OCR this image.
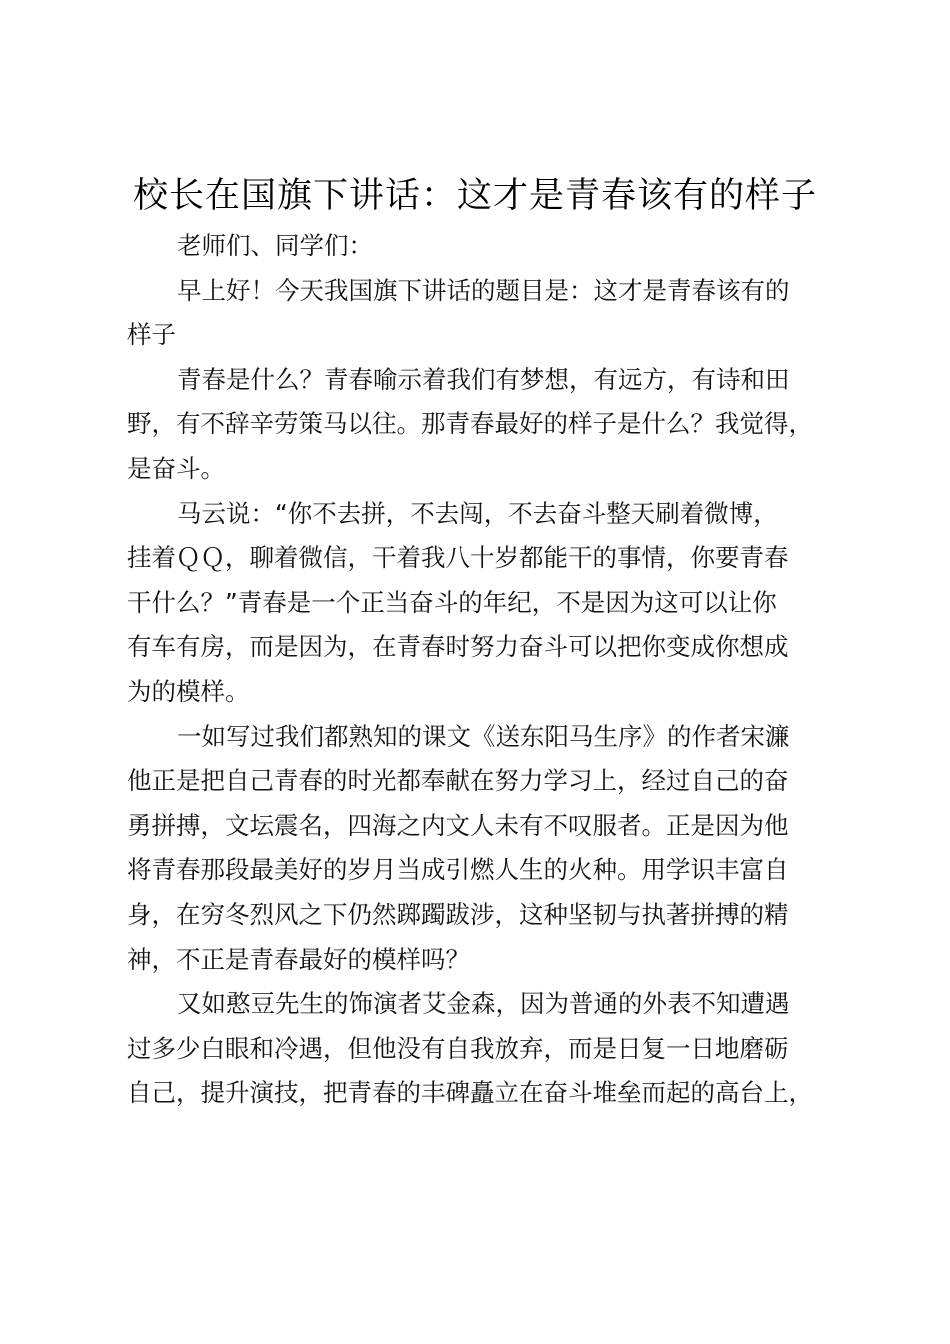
校长在国旗下讲话：这才是青春该有的样子
老师们、同学们：
早上好！今天我国旗下讲话的题目是：这才是青春该有的
样子
青春是什么？青春喻示着我们有梦想，有远方，有诗和田
野，有不辞辛劳策马以往。那青春最好的样子是什么？我觉得，
是奋斗。
马云说：“你不去拼，不去闯，不去奋斗整天刷着微博，
挂着ＱＱ，聊着微信，干着我八十岁都能干的事情，你要青春
干什么？”青春是一个正当奋斗的年纪，不是因为这可以让你
有车有房，而是因为，在青春时努力奋斗可以把你变成你想成
为的模样。
一如写过我们都熟知的课文《送东阳马生序》的作者宋濂
他正是把自己青春的时光都奉献在努力学习上，经过自己的奋
勇拼搏，文坛震名，四海之内文人未有不叹服者。正是因为他
将青春那段最美好的岁月当成引燃人生的火种。用学识丰富自
身，在穷冬烈风之下仍然踯躅跋涉，这种坚韧与执著拼搏的精
神，不正是青春最好的模样吗？
又如憨豆先生的饰演者艾金森，因为普通的外表不知遭遇
过多少白眼和冷遇，但他没有自我放弃，而是日复一日地磨砺
自己，提升演技，把青春的丰碑矗立在奋斗堆垒而起的高台上，
